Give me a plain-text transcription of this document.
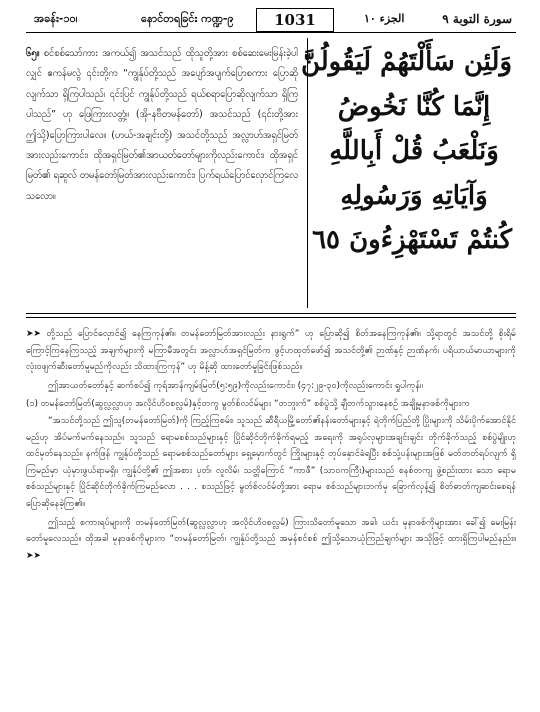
အခန်း-၁၀၊	နောင်တရခြင်း ကဏ္ဍ-၉	1031	الجزء ١٠	سورة التوبة ٩

၆၅။ စင်စစ်သော်ကား အကယ်၍ အသင်သည် ထိုသူတို့အား စစ်ဆေးမေးမြန်းခဲ့ပါလျှင် ဧကန်မလွဲ ၎င်းတို့က “ကျွန်ုပ်တို့သည် အပျော်အပျက်ပြောစကား ပြောဆိုလျက်သာ ရှိကြပါသည်၊ ၎င်းပြင် ကျွန်ုပ်တို့သည် ရယ်စရာပြောဆိုလျက်သာ ရှိကြပါသည်” ဟု ဖြေကြားလတ္တံ့။ (အို-နဗီတမန်တော်) အသင်သည် (၎င်းတို့အား ဤသို့)ပြောကြားပါလေ။ (ဟယ်-အချင်းတို့) အသင်တို့သည် အလ္လာဟ်အရှင်မြတ်အားလည်းကောင်း၊ ထိုအရှင်မြတ်၏အာယတ်တော်များကိုလည်းကောင်း၊ ထိုအရှင်မြတ်၏ ရဆူလ် တမန်တော်မြတ်အားလည်းကောင်း၊ ပြက်ရယ်ပြောင်လှောင်ကြလေသလော။

وَلَئِن سَأَلْتَهُمْ لَيَقُولُنَّ
إِنَّمَا كُنَّا نَخُوضُ
وَنَلْعَبُ قُلْ أَبِاللَّهِ
وَآيَاتِهِ وَرَسُولِهِ
كُنتُمْ تَسْتَهْزِءُونَ ٦٥

➤➤ တို့သည် ပြောင်လှောင်၍ နေကြကုန်၏။ တမန်တော်မြတ်အားလည်း နားရွက်” ဟု ပြောဆို၍ စိတ်အနေကြကုန်၏။ သို့ရာတွင် အသင်တို့ စိုးရိမ်ကြောင့်ကြနေကြသည့် အချက်များကို မကြာမီအတွင်း အလ္လာဟ်အရှင်မြတ်က ဖွင့်ဟထုတ်ဖော်၍ အသင်တို့၏ ဉာဏ်နှင့် ဉာဏ်နက်၊ ပရိယာယ်မာယာများကို လုံးဝဖျက်ဆီးတော်မူမည်ကိုလည်း သိထားကြကုန်” ဟု မိန့်ဆို ထားတော်မူခြင်းဖြစ်သည်။

ဤအာယတ်တော်နှင့် ဆက်စပ်၍ ကုရ်အာန်ကျမ်းမြတ်(၅:၅၉)ကိုလည်းကောင်း၊ (၄၇:၂၉-၃၀)ကိုလည်းကောင်း ရှုပါကုန်။

(၁) တမန်တော်မြတ်(ဆွလ္လလ္လာဟု အလိုင်ဟိဝစလ္လမ်)နှင့်တကွ မွတ်စ်လင်မ်များ “တဘူးက်” စစ်ပွဲသို့ ချီတက်သွားနေစဉ် အချို့မုနာဖစ်ကိုများက

“အသင်တို့သည် ဤသူ(တမန်တော်မြတ်)ကို ကြည့်ကြစမ်း၊ သူသည် ဆီရီယမြို့တော်၏နန်းတော်များနှင့် ရဲတိုက်ပြည်တို့ ပြိုးများကို သိမ်းပိုက်အောင်နိုင်မည်ဟု အိပ်မက်မက်နေသည်။ သူသည် ရောမစစ်သည်များနှင့် ပြိုင်ဆိုင်တိုက်ခိုက်ရမည့် အရေးကို အရုပ်လှများအချင်းချင်း တိုက်ခိုက်သည့် စစ်ပွဲမျိုးဟု ထင်မှတ်နေသည်။ နက်ဖြန် ကျွန်ုပ်တို့သည် ရောမစစ်သည်တော်များ ရှေ့မှောက်တွင် ကြိုးများနှင့် တုပ်နှောင်ခံရပြီး စစ်သုံ့ပန်းများအဖြစ် မတ်တတ်ရပ်လျက် ရှိကြမည်မှာ ယုံမှားဖွယ်ရာမရှိ။ ကျွန်ုပ်တို့၏ ဤအစား ပုတ်၊ လူလိမ်၊ သတ္တိကြောင် “ကာဖီ” (သာဝကကြီး)များသည် စနစ်တကျ ဖွဲ့စည်းထား သော ရောမစစ်သည်များနှင့် ပြိုင်ဆိုင်တိုက်ခိုက်ကြမည်လော . . . စသည်ဖြင့် မွတ်စ်လင်မ်တို့အား ရောမ စစ်သည်များဘက်မှ ခြောက်လှန့်၍ စိတ်ဓာတ်ကျဆင်းစေရန် ပြောဆိုနေခဲ့ကြ၏။

ဤသည့် စကားရပ်များကို တမန်တော်မြတ်(ဆွလ္လလ္လာဟု အလိုင်ဟိဝစလ္လမ်) ကြားသိတော်မူသော အခါ၊ ယင်း မုနာဖစ်ကိုများအား ခေါ်၍ မေးမြန်းတော်မူလေသည်။ ထိုအခါ မုနာဖစ်ကိုများက “တမန်တော်မြတ်၊ ကျွန်ုပ်တို့သည် အမှန်စင်စစ် ဤသို့သောယုံကြည်ချက်များ အသိုဖြင့် ထားရှိကြပါမည်နည်း။ ➤➤
